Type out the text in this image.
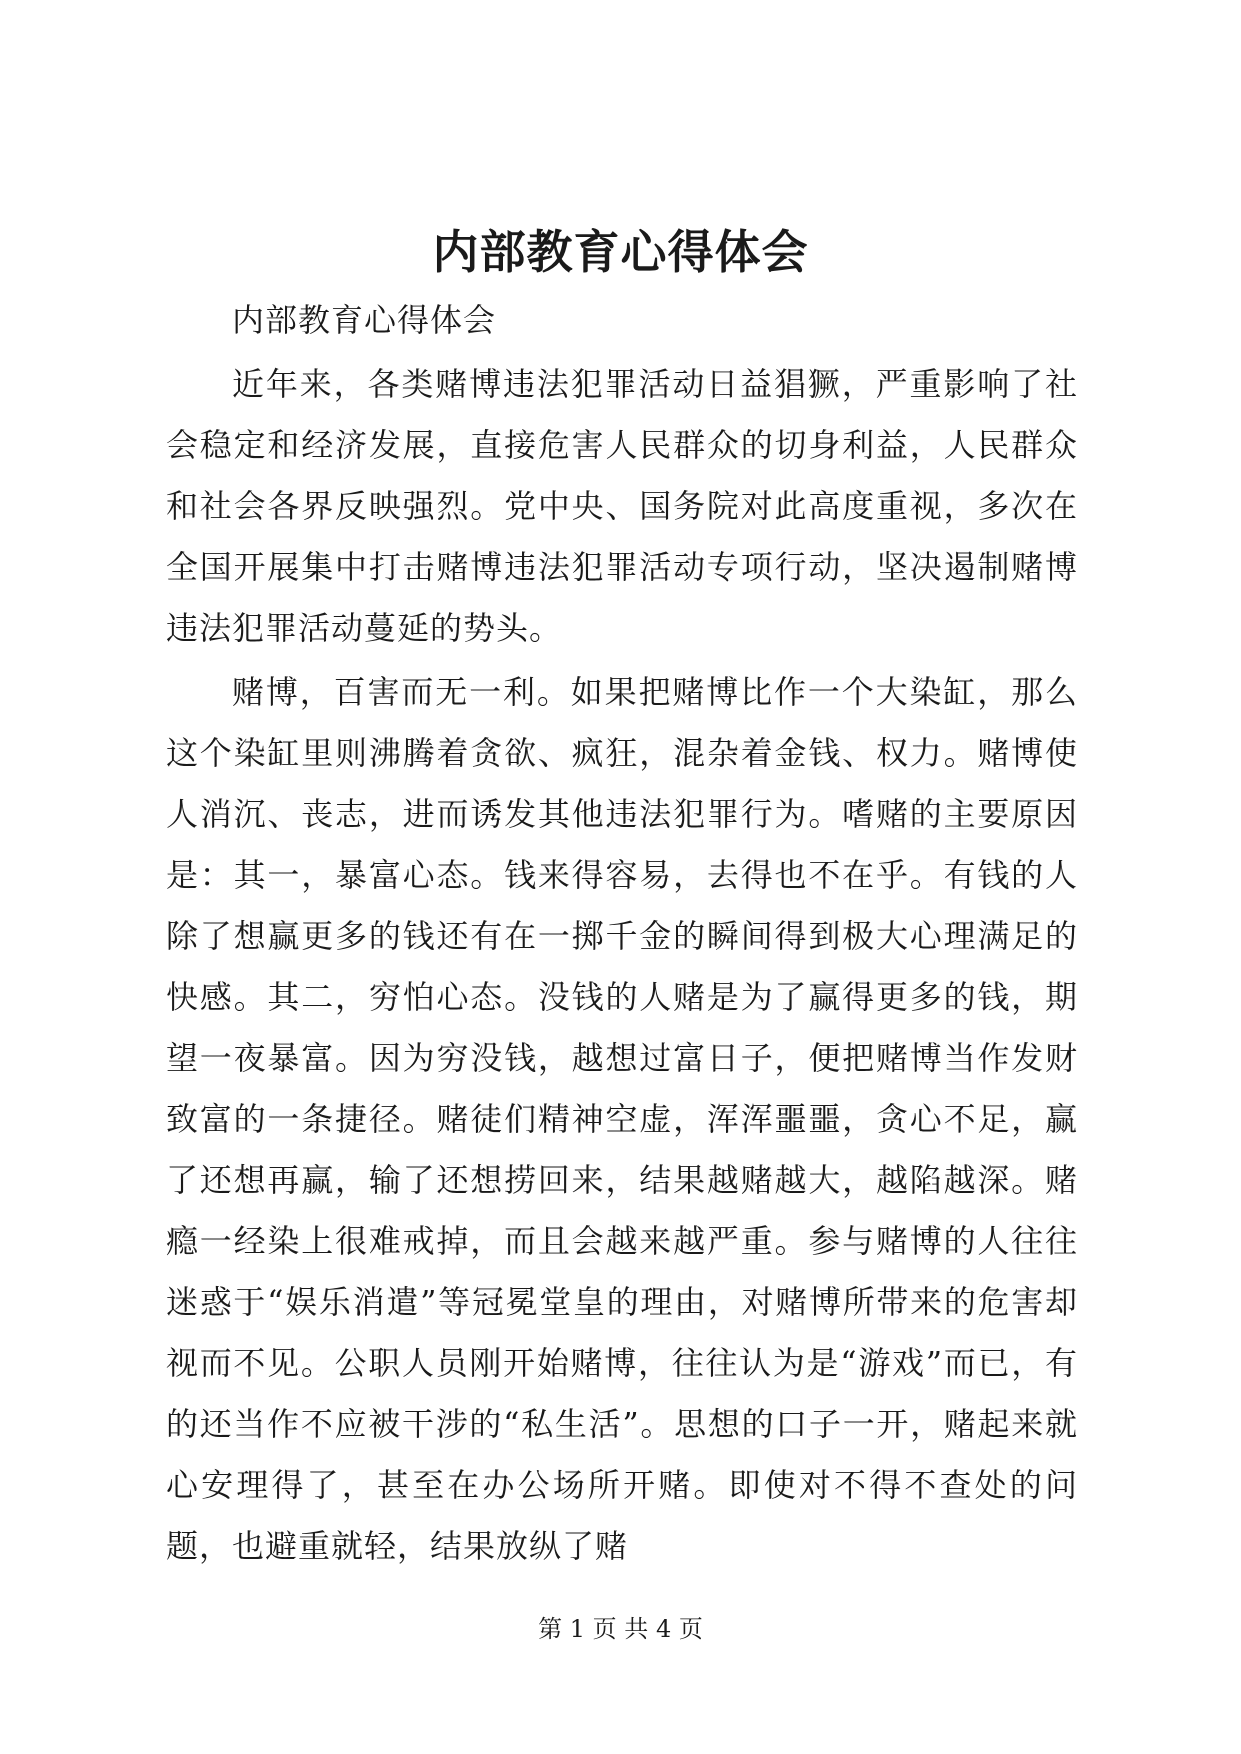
内部教育心得体会

内部教育心得体会

近年来，各类赌博违法犯罪活动日益猖獗，严重影响了社会稳定和经济发展，直接危害人民群众的切身利益，人民群众和社会各界反映强烈。党中央、国务院对此高度重视，多次在全国开展集中打击赌博违法犯罪活动专项行动，坚决遏制赌博违法犯罪活动蔓延的势头。

赌博，百害而无一利。如果把赌博比作一个大染缸，那么这个染缸里则沸腾着贪欲、疯狂，混杂着金钱、权力。赌博使人消沉、丧志，进而诱发其他违法犯罪行为。嗜赌的主要原因是：其一，暴富心态。钱来得容易，去得也不在乎。有钱的人除了想赢更多的钱还有在一掷千金的瞬间得到极大心理满足的快感。其二，穷怕心态。没钱的人赌是为了赢得更多的钱，期望一夜暴富。因为穷没钱，越想过富日子，便把赌博当作发财致富的一条捷径。赌徒们精神空虚，浑浑噩噩，贪心不足，赢了还想再赢，输了还想捞回来，结果越赌越大，越陷越深。赌瘾一经染上很难戒掉，而且会越来越严重。参与赌博的人往往迷惑于“娱乐消遣”等冠冕堂皇的理由，对赌博所带来的危害却视而不见。公职人员刚开始赌博，往往认为是“游戏”而已，有的还当作不应被干涉的“私生活”。思想的口子一开，赌起来就心安理得了，甚至在办公场所开赌。即使对不得不查处的问题，也避重就轻，结果放纵了赌

第 1 页 共 4 页
